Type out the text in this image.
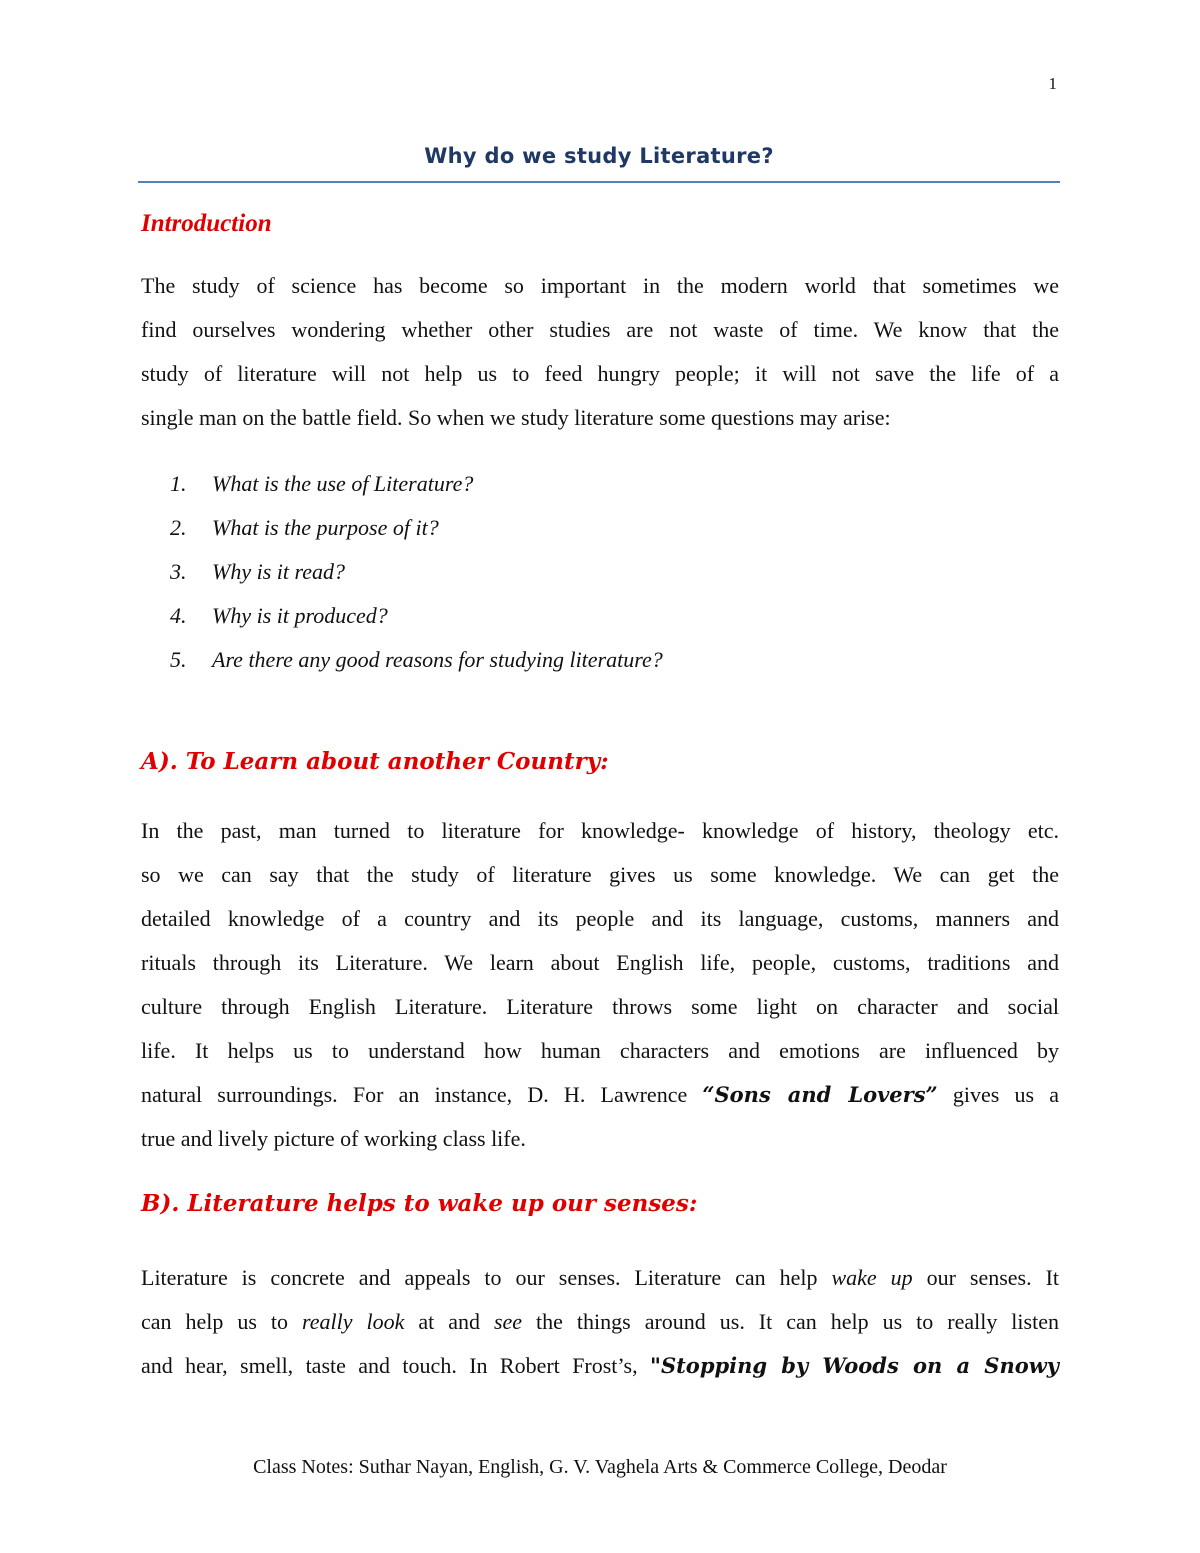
1
Why do we study Literature?
Introduction
The study of science has become so important in the modern world that sometimes we
find ourselves wondering whether other studies are not waste of time. We know that the
study of literature will not help us to feed hungry people; it will not save the life of a
single man on the battle field. So when we study literature some questions may arise:
1. What is the use of Literature?
2. What is the purpose of it?
3. Why is it read?
4. Why is it produced?
5. Are there any good reasons for studying literature?
A). To Learn about another Country:
In the past, man turned to literature for knowledge- knowledge of history, theology etc.
so we can say that the study of literature gives us some knowledge. We can get the
detailed knowledge of a country and its people and its language, customs, manners and
rituals through its Literature. We learn about English life, people, customs, traditions and
culture through English Literature. Literature throws some light on character and social
life. It helps us to understand how human characters and emotions are influenced by
natural surroundings. For an instance, D. H. Lawrence “Sons and Lovers” gives us a
true and lively picture of working class life.
B). Literature helps to wake up our senses:
Literature is concrete and appeals to our senses. Literature can help wake up our senses. It
can help us to really look at and see the things around us. It can help us to really listen
and hear, smell, taste and touch. In Robert Frost’s, "Stopping by Woods on a Snowy
Class Notes: Suthar Nayan, English, G. V. Vaghela Arts & Commerce College, Deodar
